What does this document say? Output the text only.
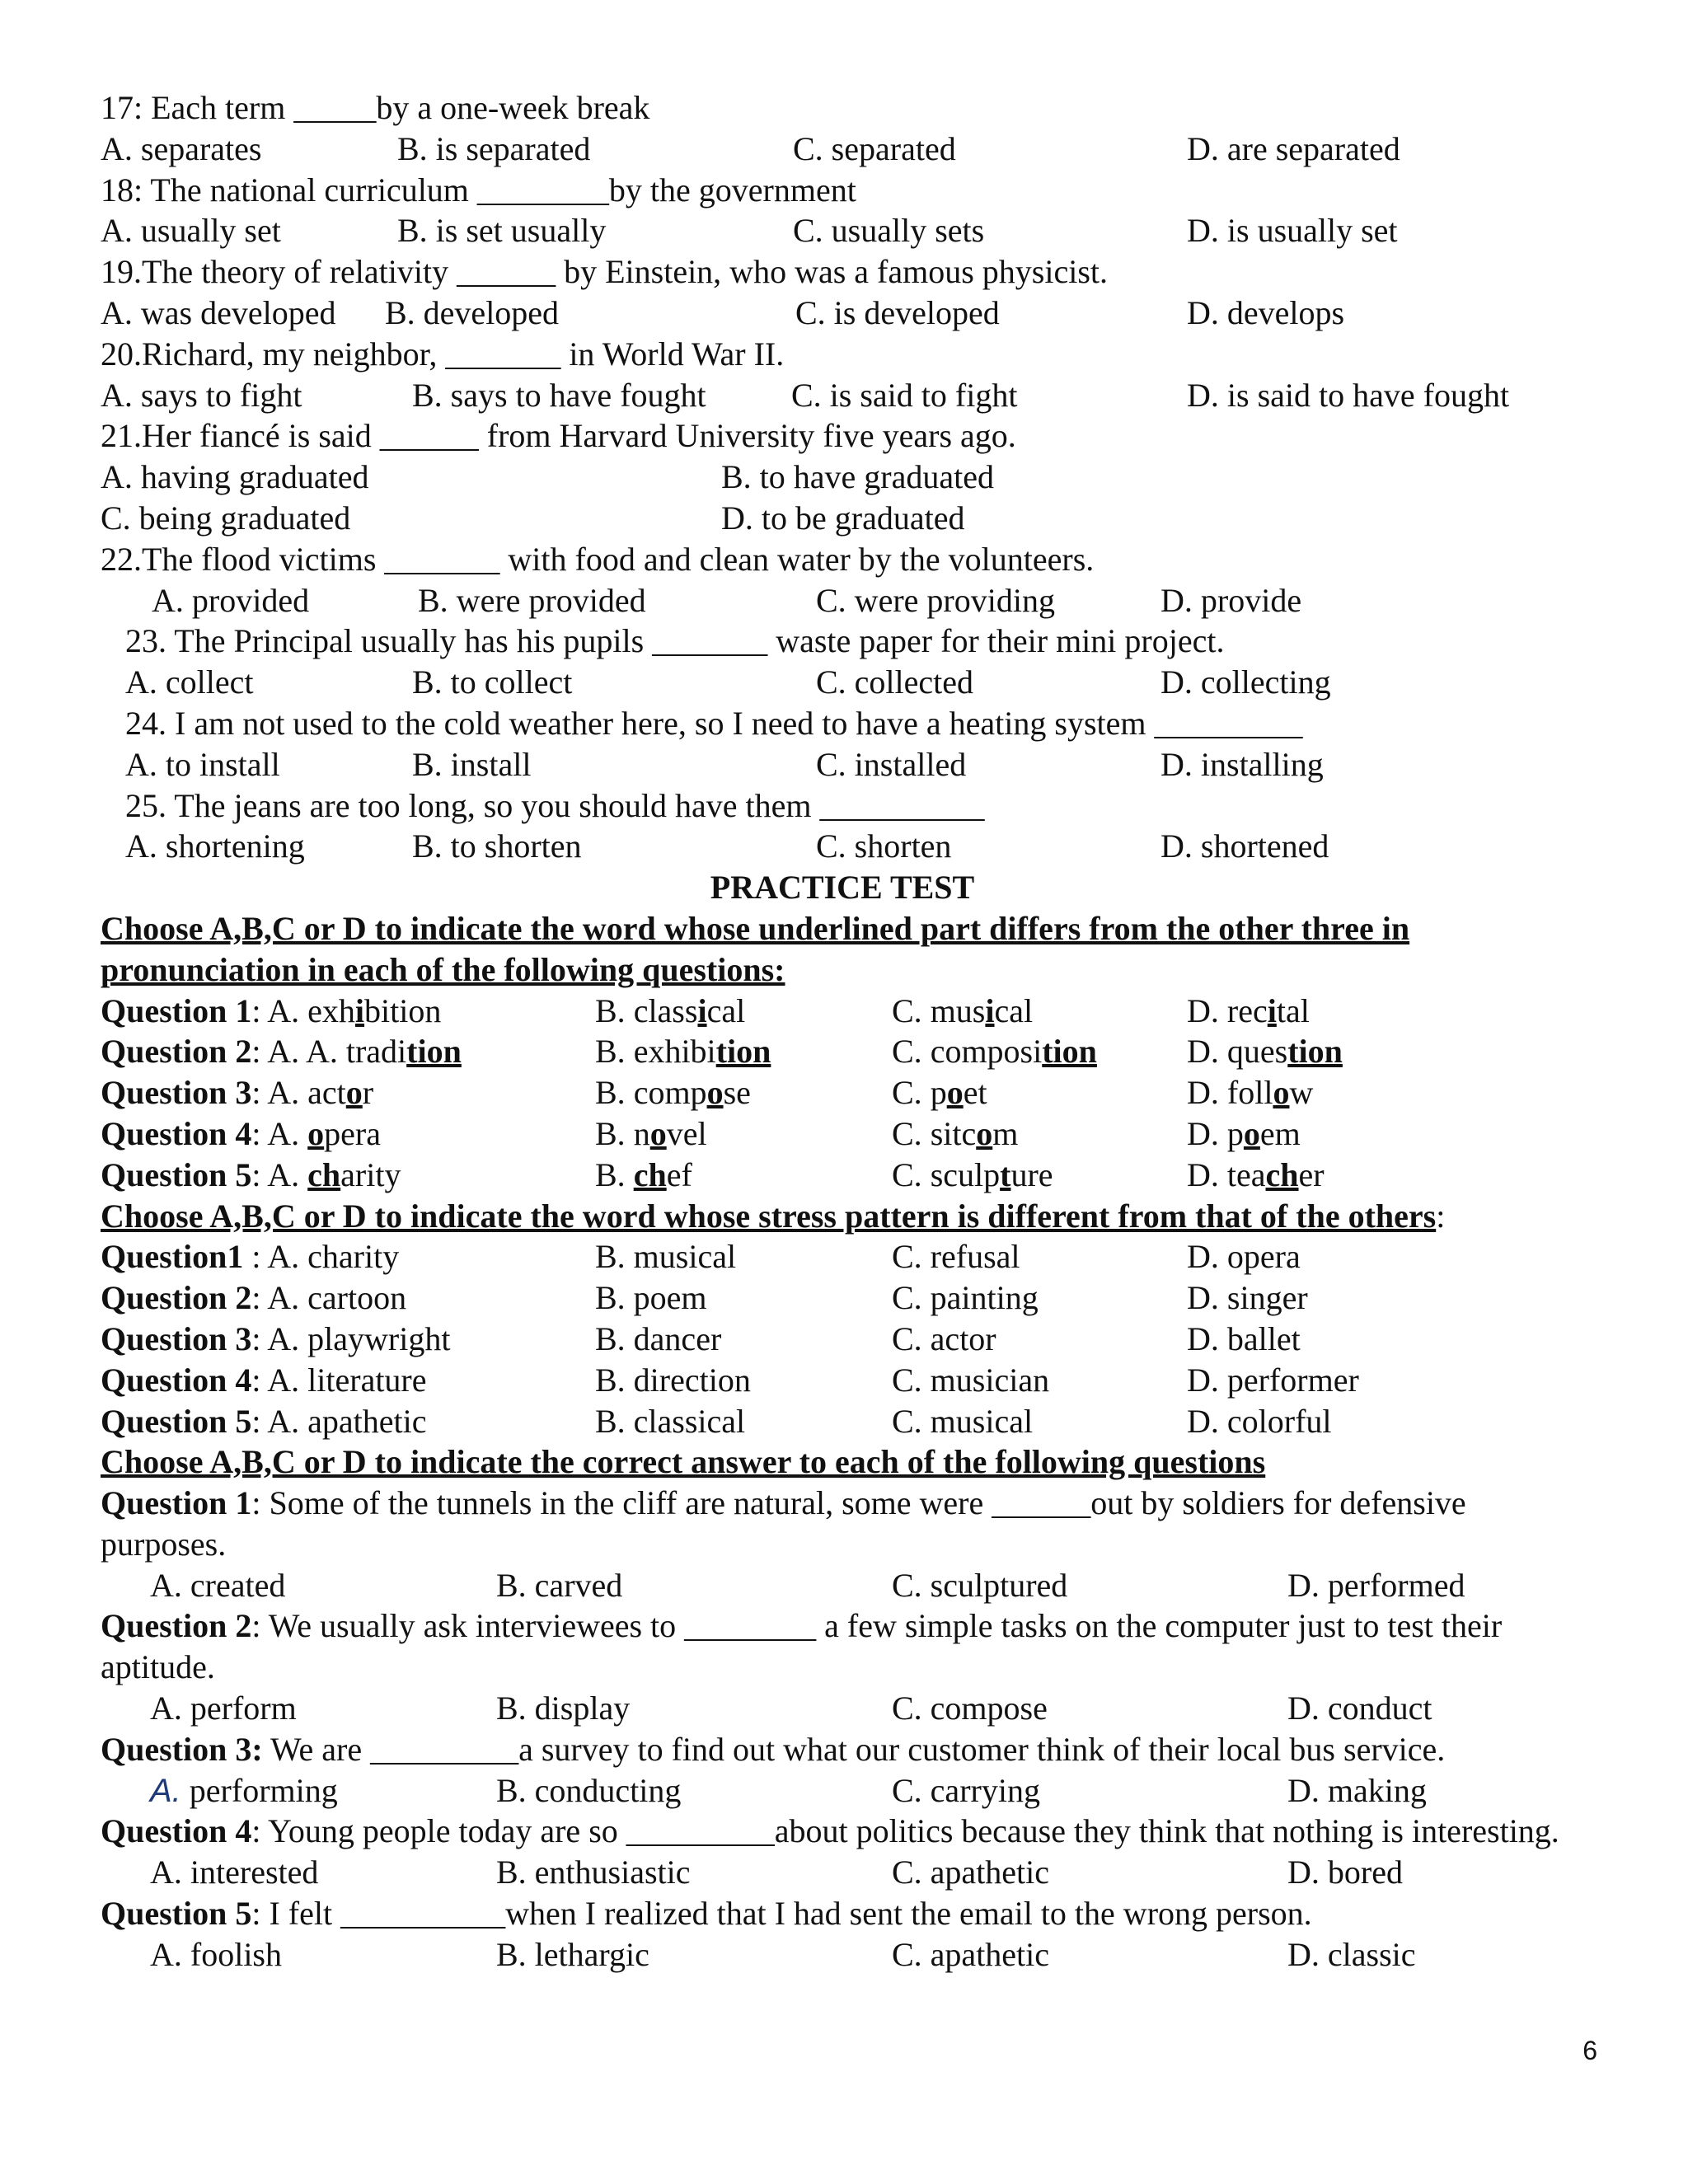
17: Each term _____by a one-week break
A. separates	B. is separated	C. separated	D. are separated
18: The national curriculum ________by the government
A. usually set	B. is set usually	C. usually sets	D. is usually set
19.The theory of relativity ______ by Einstein, who was a famous physicist.
A. was developed B. developed	C. is developed	D. develops
20.Richard, my neighbor, _______ in World War II.
A. says to fight	B. says to have fought	C. is said to fight	D. is said to have fought
21.Her fiancé is said ______ from Harvard University five years ago.
A. having graduated	B. to have graduated
C. being graduated	D. to be graduated
22.The flood victims _______ with food and clean water by the volunteers.
A. provided	B. were provided	C. were providing	D. provide
23. The Principal usually has his pupils _______ waste paper for their mini project.
A. collect	B. to collect	C. collected	D. collecting
24. I am not used to the cold weather here, so I need to have a heating system _________
A. to install	B. install	C. installed	D. installing
25. The jeans are too long, so you should have them __________
A. shortening	B. to shorten	C. shorten	D. shortened
PRACTICE TEST
Choose A,B,C or D to indicate the word whose underlined part differs from the other three in pronunciation in each of the following questions:
Question 1: A. exhibition	B. classical	C. musical	D. recital
Question 2: A. A. tradition	B. exhibition	C. composition	D. question
Question 3: A. actor	B. compose	C. poet	D. follow
Question 4: A. opera	B. novel	C. sitcom	D. poem
Question 5: A. charity	B. chef	C. sculpture	D. teacher
Choose A,B,C or D to indicate the word whose stress pattern is different from that of the others:
Question1 : A. charity	B. musical	C. refusal	D. opera
Question 2: A. cartoon	B. poem	C. painting	D. singer
Question 3: A. playwright	B. dancer	C. actor	D. ballet
Question 4: A. literature	B. direction	C. musician	D. performer
Question 5: A. apathetic	B. classical	C. musical	D. colorful
Choose A,B,C or D to indicate the correct answer to each of the following questions
Question 1: Some of the tunnels in the cliff are natural, some were ______out by soldiers for defensive purposes.
A. created	B. carved	C. sculptured	D. performed
Question 2: We usually ask interviewees to ________ a few simple tasks on the computer just to test their aptitude.
A. perform	B. display	C. compose	D. conduct
Question 3: We are _________a survey to find out what our customer think of their local bus service.
A. performing	B. conducting	C. carrying	D. making
Question 4: Young people today are so _________about politics because they think that nothing is interesting.
A. interested	B. enthusiastic	C. apathetic	D. bored
Question 5: I felt __________when I realized that I had sent the email to the wrong person.
A. foolish	B. lethargic	C. apathetic	D. classic
6
